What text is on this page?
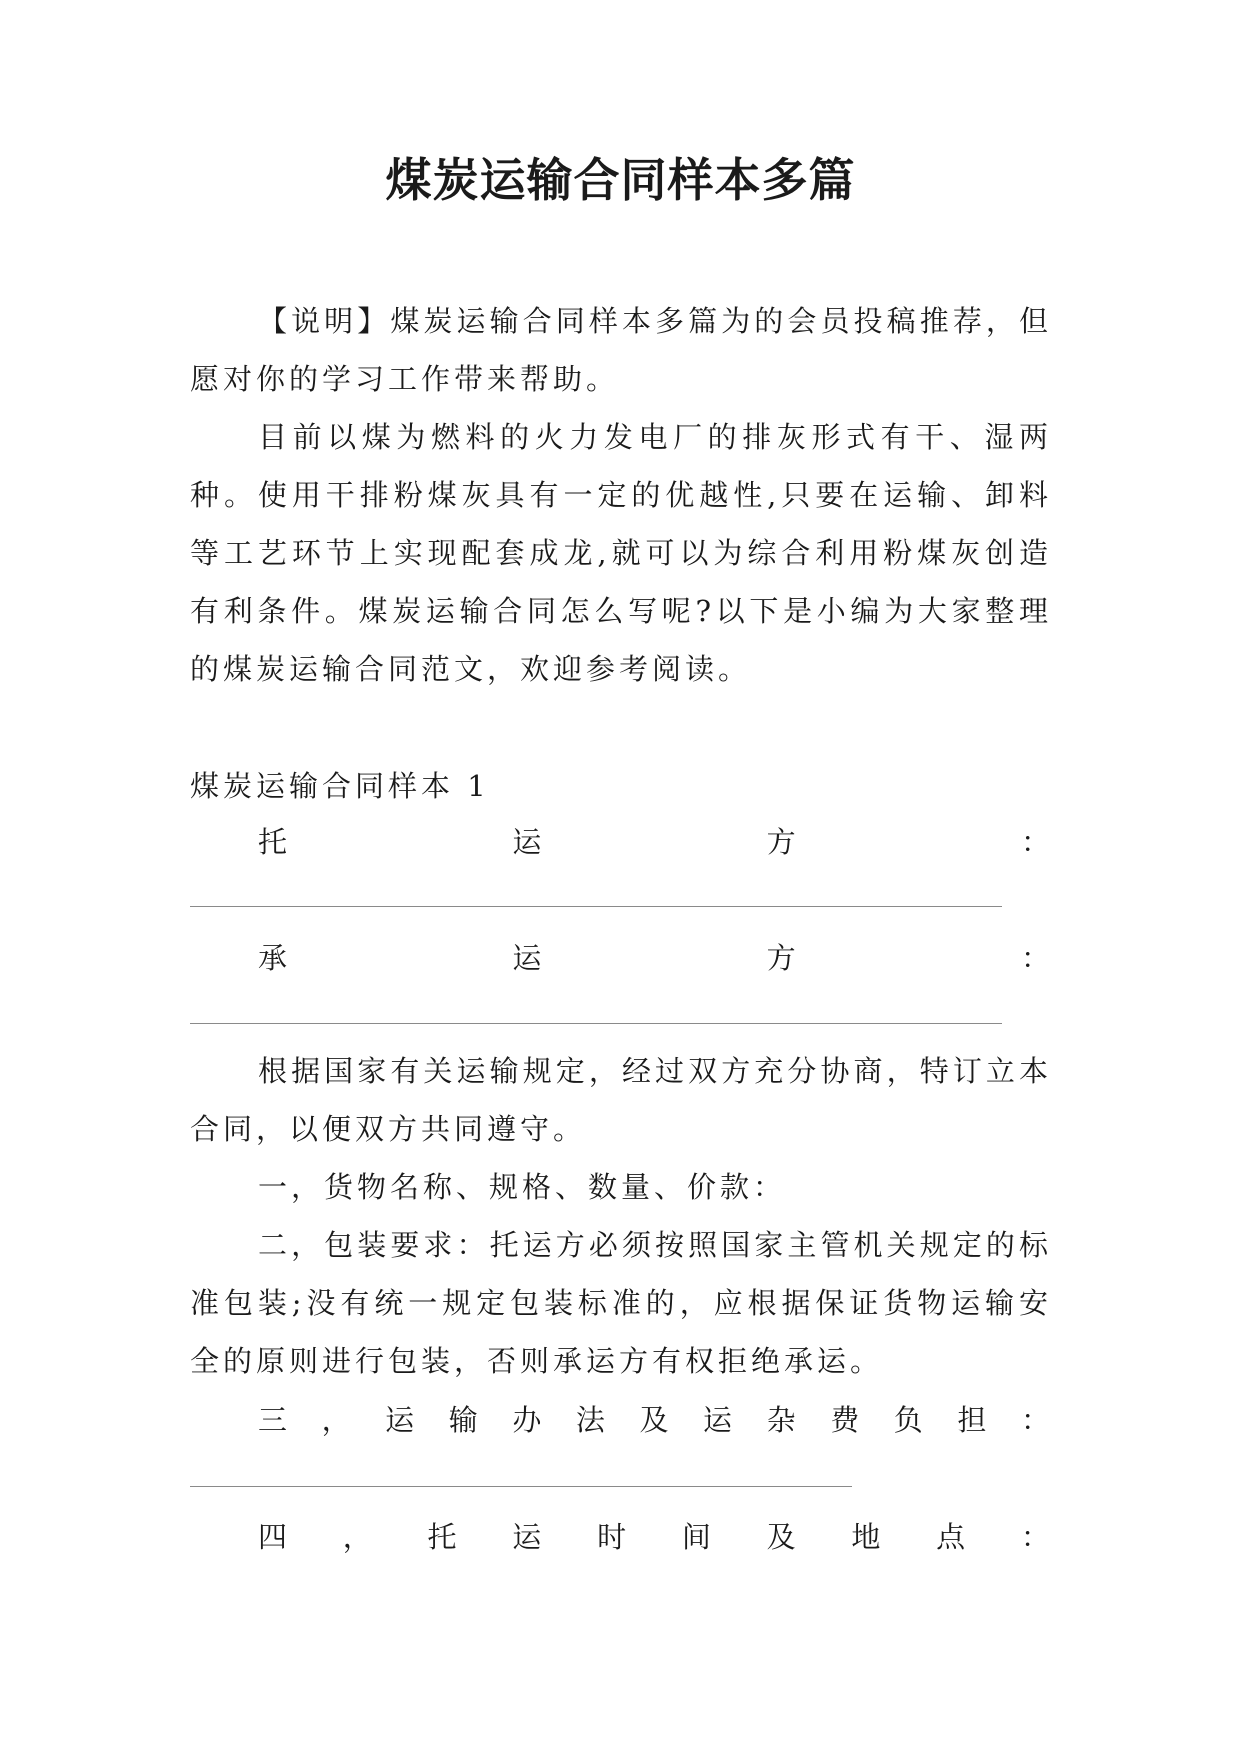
煤炭运输合同样本多篇

【说明】煤炭运输合同样本多篇为的会员投稿推荐，但愿对你的学习工作带来帮助。

目前以煤为燃料的火力发电厂的排灰形式有干、湿两种。使用干排粉煤灰具有一定的优越性,只要在运输、卸料等工艺环节上实现配套成龙,就可以为综合利用粉煤灰创造有利条件。煤炭运输合同怎么写呢?以下是小编为大家整理的煤炭运输合同范文，欢迎参考阅读。

煤炭运输合同样本 1

托	运	方	：
承	运	方	：

根据国家有关运输规定，经过双方充分协商，特订立本合同，以便双方共同遵守。

一，货物名称、规格、数量、价款：

二，包装要求：托运方必须按照国家主管机关规定的标准包装;没有统一规定包装标准的，应根据保证货物运输安全的原则进行包装，否则承运方有权拒绝承运。

三 ， 运 输 办 法 及 运 杂 费 负 担 ：
四 ， 托 运 时 间 及 地 点 ：
